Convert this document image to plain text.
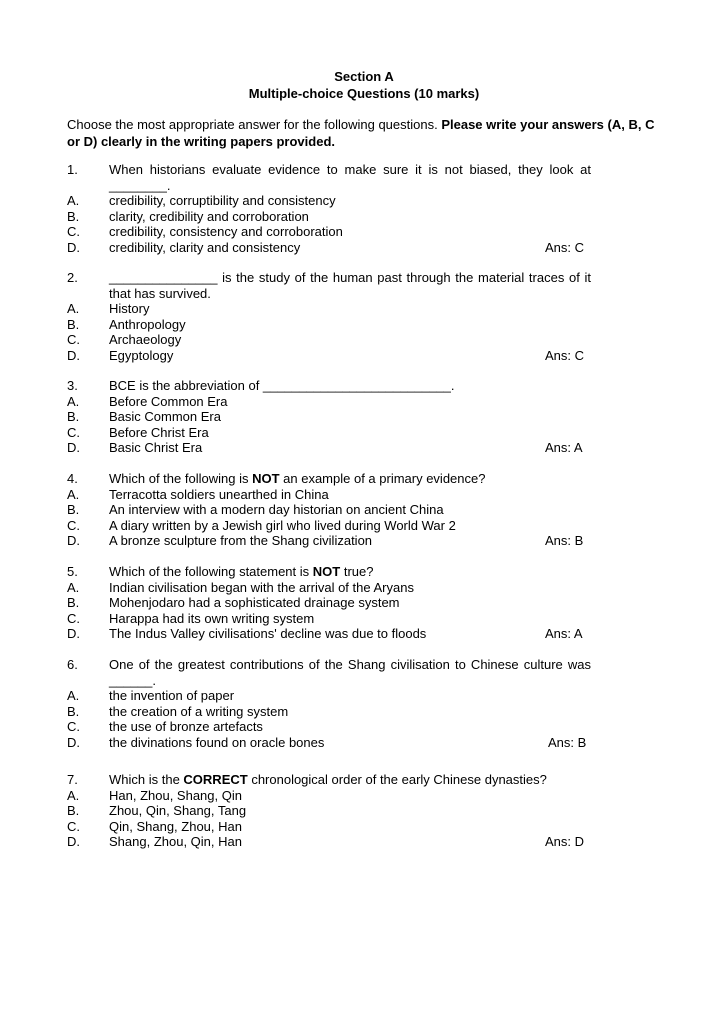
Section A
Multiple-choice Questions (10 marks)
Choose the most appropriate answer for the following questions. Please write your answers (A, B, C or D) clearly in the writing papers provided.
1. When historians evaluate evidence to make sure it is not biased, they look at ________.
A. credibility, corruptibility and consistency
B. clarity, credibility and corroboration
C. credibility, consistency and corroboration
D. credibility, clarity and consistency	Ans: C
2. _______________ is the study of the human past through the material traces of it that has survived.
A. History
B. Anthropology
C. Archaeology
D. Egyptology	Ans: C
3. BCE is the abbreviation of __________________________.
A. Before Common Era
B. Basic Common Era
C. Before Christ Era
D. Basic Christ Era	Ans: A
4. Which of the following is NOT an example of a primary evidence?
A. Terracotta soldiers unearthed in China
B. An interview with a modern day historian on ancient China
C. A diary written by a Jewish girl who lived during World War 2
D. A bronze sculpture from the Shang civilization	Ans: B
5. Which of the following statement is NOT true?
A. Indian civilisation began with the arrival of the Aryans
B. Mohenjodaro had a sophisticated drainage system
C. Harappa had its own writing system
D. The Indus Valley civilisations' decline was due to floods	Ans: A
6. One of the greatest contributions of the Shang civilisation to Chinese culture was ______.
A. the invention of paper
B. the creation of a writing system
C. the use of bronze artefacts
D. the divinations found on oracle bones	Ans: B
7. Which is the CORRECT chronological order of the early Chinese dynasties?
A. Han, Zhou, Shang, Qin
B. Zhou, Qin, Shang, Tang
C. Qin, Shang, Zhou, Han
D. Shang, Zhou, Qin, Han	Ans: D
